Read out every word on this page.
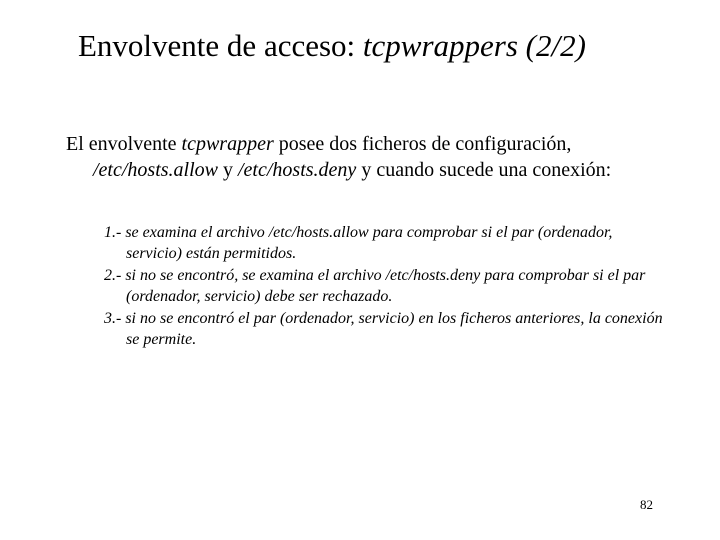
Envolvente de acceso: tcpwrappers (2/2)
El envolvente tcpwrapper posee dos ficheros de configuración, /etc/hosts.allow y /etc/hosts.deny y cuando sucede una conexión:
1.- se examina el archivo /etc/hosts.allow para comprobar si el par (ordenador, servicio) están permitidos.
2.- si no se encontró, se examina el archivo /etc/hosts.deny para comprobar si el par (ordenador, servicio) debe ser rechazado.
3.- si no se encontró el par (ordenador, servicio) en los ficheros anteriores, la conexión se permite.
82
